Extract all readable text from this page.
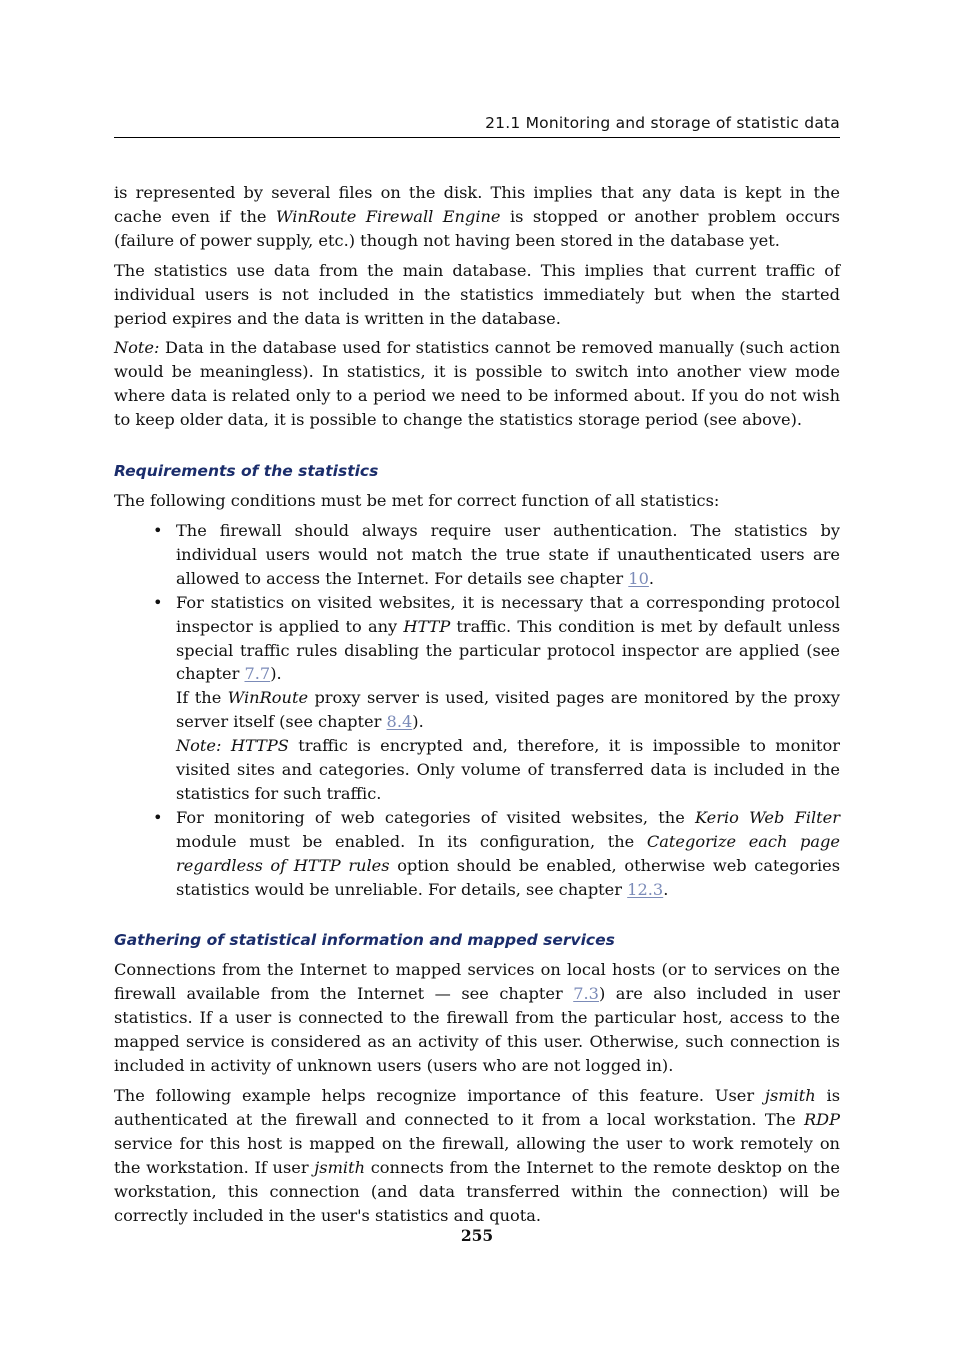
21.1 Monitoring and storage of statistic data

is represented by several files on the disk. This implies that any data is kept in the cache even if the WinRoute Firewall Engine is stopped or another problem occurs (failure of power supply, etc.) though not having been stored in the database yet.

The statistics use data from the main database. This implies that current traffic of individual users is not included in the statistics immediately but when the started period expires and the data is written in the database.

Note: Data in the database used for statistics cannot be removed manually (such action would be meaningless). In statistics, it is possible to switch into another view mode where data is related only to a period we need to be informed about. If you do not wish to keep older data, it is possible to change the statistics storage period (see above).

Requirements of the statistics

The following conditions must be met for correct function of all statistics:

• The firewall should always require user authentication. The statistics by individual users would not match the true state if unauthenticated users are allowed to access the Internet. For details see chapter 10.
• For statistics on visited websites, it is necessary that a corresponding protocol inspector is applied to any HTTP traffic. This condition is met by default unless special traffic rules disabling the particular protocol inspector are applied (see chapter 7.7).
If the WinRoute proxy server is used, visited pages are monitored by the proxy server itself (see chapter 8.4).
Note: HTTPS traffic is encrypted and, therefore, it is impossible to monitor visited sites and categories. Only volume of transferred data is included in the statistics for such traffic.
• For monitoring of web categories of visited websites, the Kerio Web Filter module must be enabled. In its configuration, the Categorize each page regardless of HTTP rules option should be enabled, otherwise web categories statistics would be unreliable. For details, see chapter 12.3.
Gathering of statistical information and mapped services

Connections from the Internet to mapped services on local hosts (or to services on the firewall available from the Internet — see chapter 7.3) are also included in user statistics. If a user is connected to the firewall from the particular host, access to the mapped service is considered as an activity of this user. Otherwise, such connection is included in activity of unknown users (users who are not logged in).

The following example helps recognize importance of this feature. User jsmith is authenticated at the firewall and connected to it from a local workstation. The RDP service for this host is mapped on the firewall, allowing the user to work remotely on the workstation. If user jsmith connects from the Internet to the remote desktop on the workstation, this connection (and data transferred within the connection) will be correctly included in the user's statistics and quota.

255
